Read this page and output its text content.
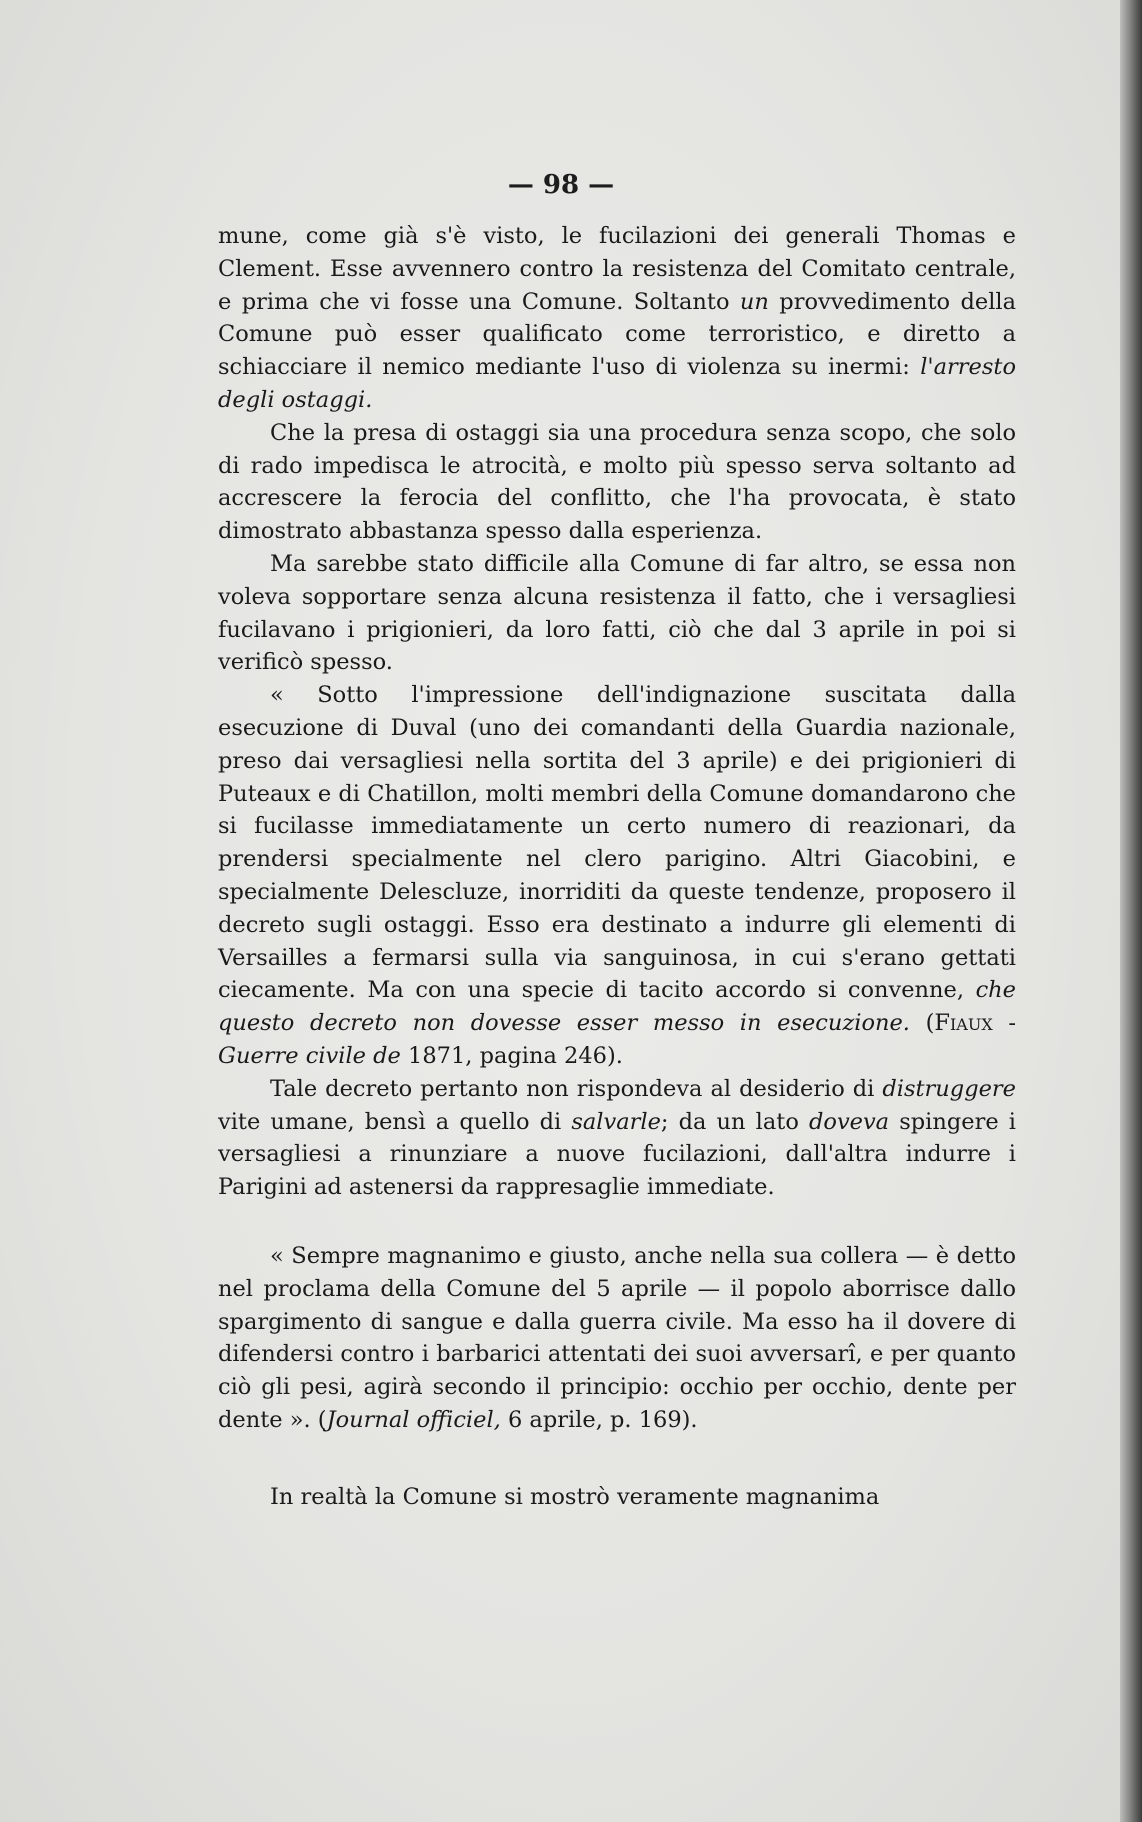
— 98 —

mune, come già s'è visto, le fucilazioni dei generali Thomas e Clement. Esse avvennero contro la resistenza del Comitato centrale, e prima che vi fosse una Comune. Soltanto un provvedimento della Comune può esser qualificato come terroristico, e diretto a schiacciare il nemico mediante l'uso di violenza su inermi: l'arresto degli ostaggi.

Che la presa di ostaggi sia una procedura senza scopo, che solo di rado impedisca le atrocità, e molto più spesso serva soltanto ad accrescere la ferocia del conflitto, che l'ha provocata, è stato dimostrato abbastanza spesso dalla esperienza.

Ma sarebbe stato difficile alla Comune di far altro, se essa non voleva sopportare senza alcuna resistenza il fatto, che i versagliesi fucilavano i prigionieri, da loro fatti, ciò che dal 3 aprile in poi si verificò spesso.

« Sotto l'impressione dell'indignazione suscitata dalla esecuzione di Duval (uno dei comandanti della Guardia nazionale, preso dai versagliesi nella sortita del 3 aprile) e dei prigionieri di Puteaux e di Chatillon, molti membri della Comune domandarono che si fucilasse immediatamente un certo numero di reazionari, da prendersi specialmente nel clero parigino. Altri Giacobini, e specialmente Delescluze, inorriditi da queste tendenze, proposero il decreto sugli ostaggi. Esso era destinato a indurre gli elementi di Versailles a fermarsi sulla via sanguinosa, in cui s'erano gettati ciecamente. Ma con una specie di tacito accordo si convenne, che questo decreto non dovesse esser messo in esecuzione. (Fiaux - Guerre civile de 1871, pagina 246).

Tale decreto pertanto non rispondeva al desiderio di distruggere vite umane, bensì a quello di salvarle; da un lato doveva spingere i versagliesi a rinunziare a nuove fucilazioni, dall'altra indurre i Parigini ad astenersi da rappresaglie immediate.

« Sempre magnanimo e giusto, anche nella sua collera — è detto nel proclama della Comune del 5 aprile — il popolo aborrisce dallo spargimento di sangue e dalla guerra civile. Ma esso ha il dovere di difendersi contro i barbarici attentati dei suoi avversarî, e per quanto ciò gli pesi, agirà secondo il principio: occhio per occhio, dente per dente ». (Journal officiel, 6 aprile, p. 169).

In realtà la Comune si mostrò veramente magnanima
